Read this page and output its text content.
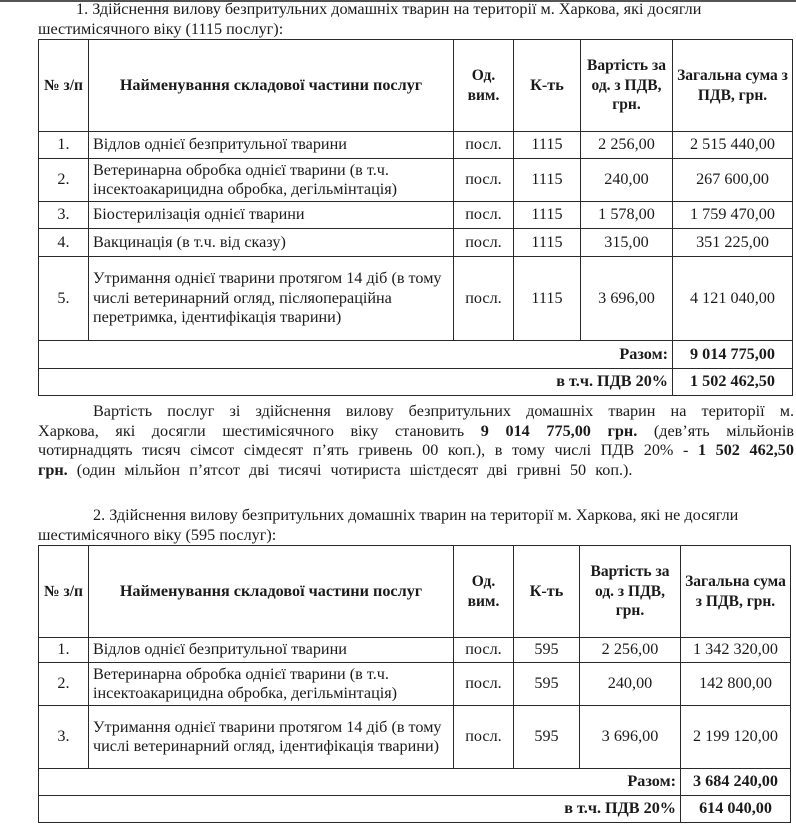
1. Здійснення вилову безпритульних домашніх тварин на території м. Харкова, які досягли
шестимісячного віку (1115 послуг):
№ з/п	Найменування складової частини послуг	Од. вим.	К-ть	Вартість за од. з ПДВ, грн.	Загальна сума з ПДВ, грн.
1.	Відлов однієї безпритульної тварини	посл.	1115	2 256,00	2 515 440,00
2.	Ветеринарна обробка однієї тварини (в т.ч. інсектоакарицидна обробка, дегільмінтація)	посл.	1115	240,00	267 600,00
3.	Біостерилізація однієї тварини	посл.	1115	1 578,00	1 759 470,00
4.	Вакцинація (в т.ч. від сказу)	посл.	1115	315,00	351 225,00
5.	Утримання однієї тварини протягом 14 діб (в тому числі ветеринарний огляд, післяопераційна перетримка, ідентифікація тварини)	посл.	1115	3 696,00	4 121 040,00
Разом:					9 014 775,00
в т.ч. ПДВ 20%					1 502 462,50
Вартість послуг зі здійснення вилову безпритульних домашніх тварин на території м. Харкова, які досягли шестимісячного віку становить 9 014 775,00 грн. (дев’ять мільйонів чотирнадцять тисяч сімсот сімдесят п’ять гривень 00 коп.), в тому числі ПДВ 20% - 1 502 462,50 грн. (один мільйон п’ятсот дві тисячі чотириста шістдесят дві гривні 50 коп.).
2. Здійснення вилову безпритульних домашніх тварин на території м. Харкова, які не досягли
шестимісячного віку (595 послуг):
№ з/п	Найменування складової частини послуг	Од. вим.	К-ть	Вартість за од. з ПДВ, грн.	Загальна сума з ПДВ, грн.
1.	Відлов однієї безпритульної тварини	посл.	595	2 256,00	1 342 320,00
2.	Ветеринарна обробка однієї тварини (в т.ч. інсектоакарицидна обробка, дегільмінтація)	посл.	595	240,00	142 800,00
3.	Утримання однієї тварини протягом 14 діб (в тому числі ветеринарний огляд, ідентифікація тварини)	посл.	595	3 696,00	2 199 120,00
Разом:					3 684 240,00
в т.ч. ПДВ 20%					614 040,00
